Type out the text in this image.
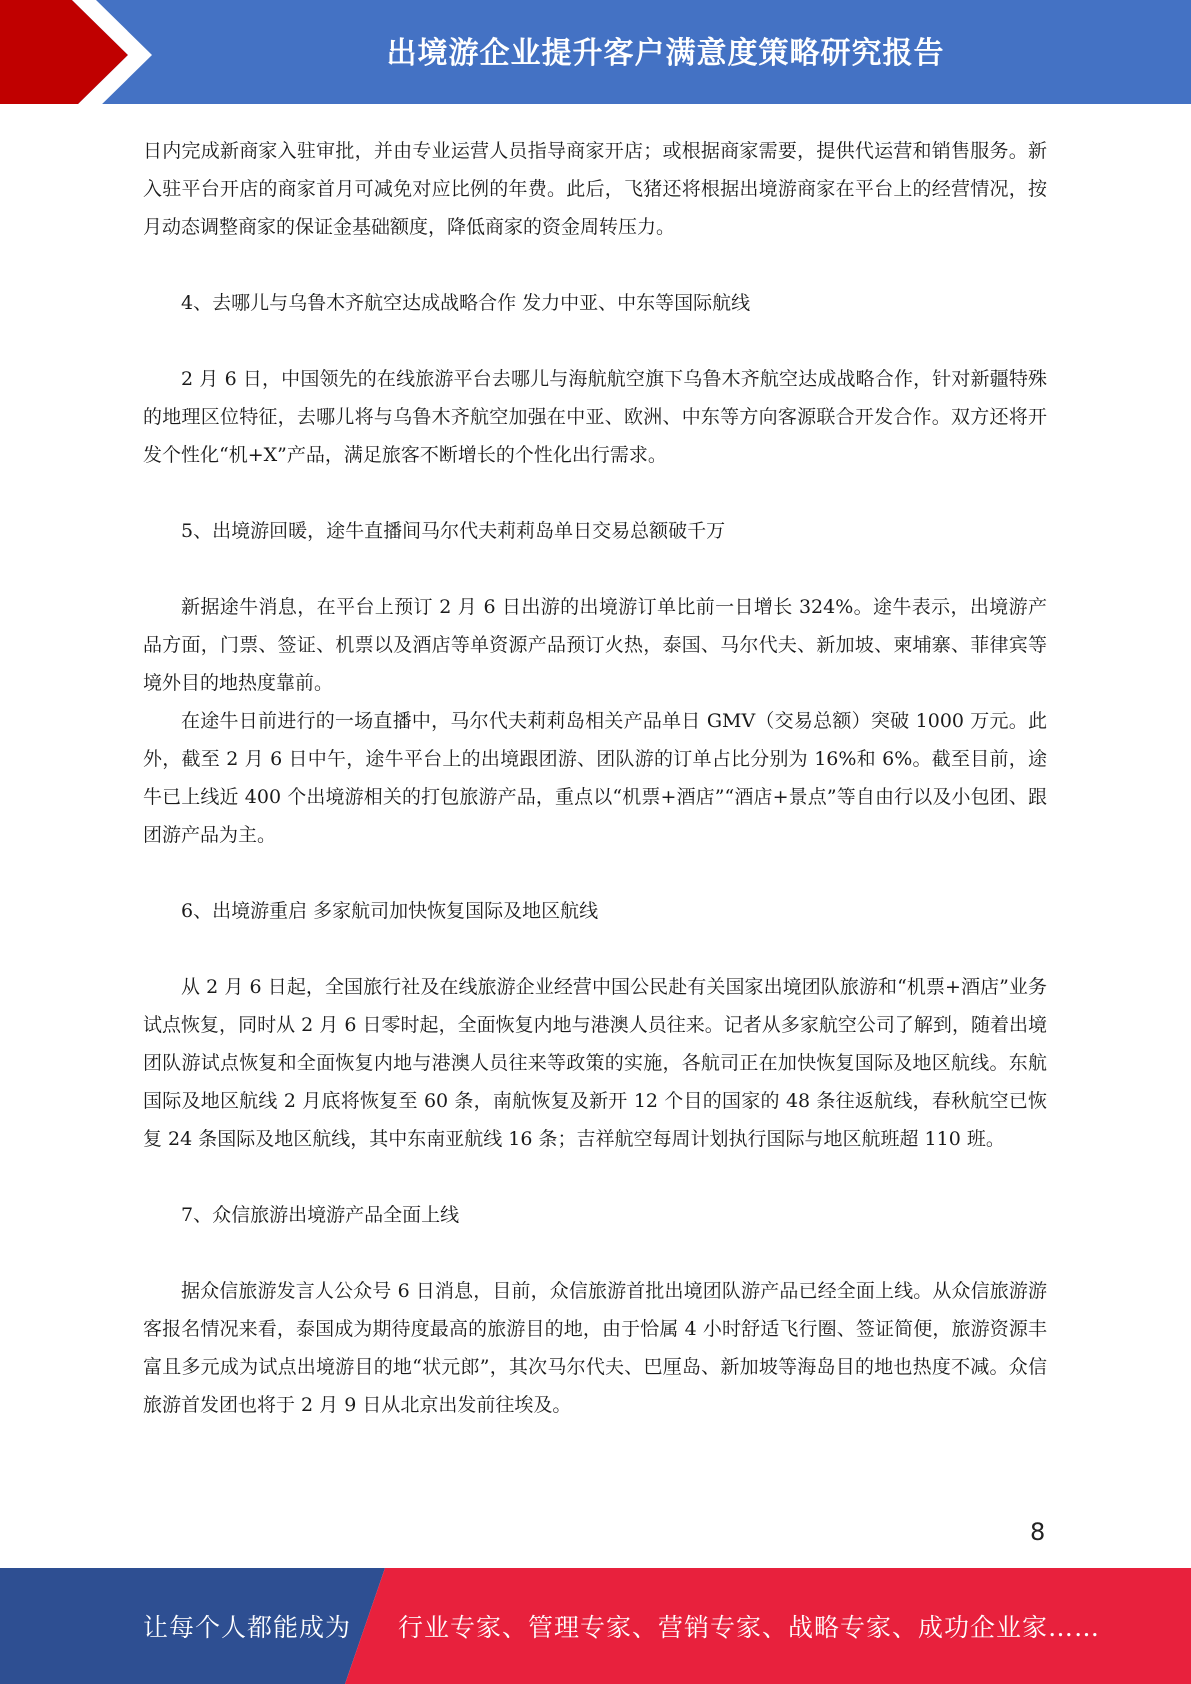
出境游企业提升客户满意度策略研究报告

日内完成新商家入驻审批，并由专业运营人员指导商家开店；或根据商家需要，提供代运营和销售服务。新入驻平台开店的商家首月可减免对应比例的年费。此后，飞猪还将根据出境游商家在平台上的经营情况，按月动态调整商家的保证金基础额度，降低商家的资金周转压力。

4、去哪儿与乌鲁木齐航空达成战略合作 发力中亚、中东等国际航线

2 月 6 日，中国领先的在线旅游平台去哪儿与海航航空旗下乌鲁木齐航空达成战略合作，针对新疆特殊的地理区位特征，去哪儿将与乌鲁木齐航空加强在中亚、欧洲、中东等方向客源联合开发合作。双方还将开发个性化“机+X”产品，满足旅客不断增长的个性化出行需求。

5、出境游回暖，途牛直播间马尔代夫莉莉岛单日交易总额破千万

新据途牛消息，在平台上预订 2 月 6 日出游的出境游订单比前一日增长 324%。途牛表示，出境游产品方面，门票、签证、机票以及酒店等单资源产品预订火热，泰国、马尔代夫、新加坡、柬埔寨、菲律宾等境外目的地热度靠前。

在途牛日前进行的一场直播中，马尔代夫莉莉岛相关产品单日 GMV（交易总额）突破 1000 万元。此外，截至 2 月 6 日中午，途牛平台上的出境跟团游、团队游的订单占比分别为 16%和 6%。截至目前，途牛已上线近 400 个出境游相关的打包旅游产品，重点以“机票+酒店”“酒店+景点”等自由行以及小包团、跟团游产品为主。

6、出境游重启 多家航司加快恢复国际及地区航线

从 2 月 6 日起，全国旅行社及在线旅游企业经营中国公民赴有关国家出境团队旅游和“机票+酒店”业务试点恢复，同时从 2 月 6 日零时起，全面恢复内地与港澳人员往来。记者从多家航空公司了解到，随着出境团队游试点恢复和全面恢复内地与港澳人员往来等政策的实施，各航司正在加快恢复国际及地区航线。东航国际及地区航线 2 月底将恢复至 60 条，南航恢复及新开 12 个目的国家的 48 条往返航线，春秋航空已恢复 24 条国际及地区航线，其中东南亚航线 16 条；吉祥航空每周计划执行国际与地区航班超 110 班。

7、众信旅游出境游产品全面上线

据众信旅游发言人公众号 6 日消息，目前，众信旅游首批出境团队游产品已经全面上线。从众信旅游游客报名情况来看，泰国成为期待度最高的旅游目的地，由于恰属 4 小时舒适飞行圈、签证简便，旅游资源丰富且多元成为试点出境游目的地“状元郎”，其次马尔代夫、巴厘岛、新加坡等海岛目的地也热度不减。众信旅游首发团也将于 2 月 9 日从北京出发前往埃及。

8
让每个人都能成为 行业专家、管理专家、营销专家、战略专家、成功企业家……
